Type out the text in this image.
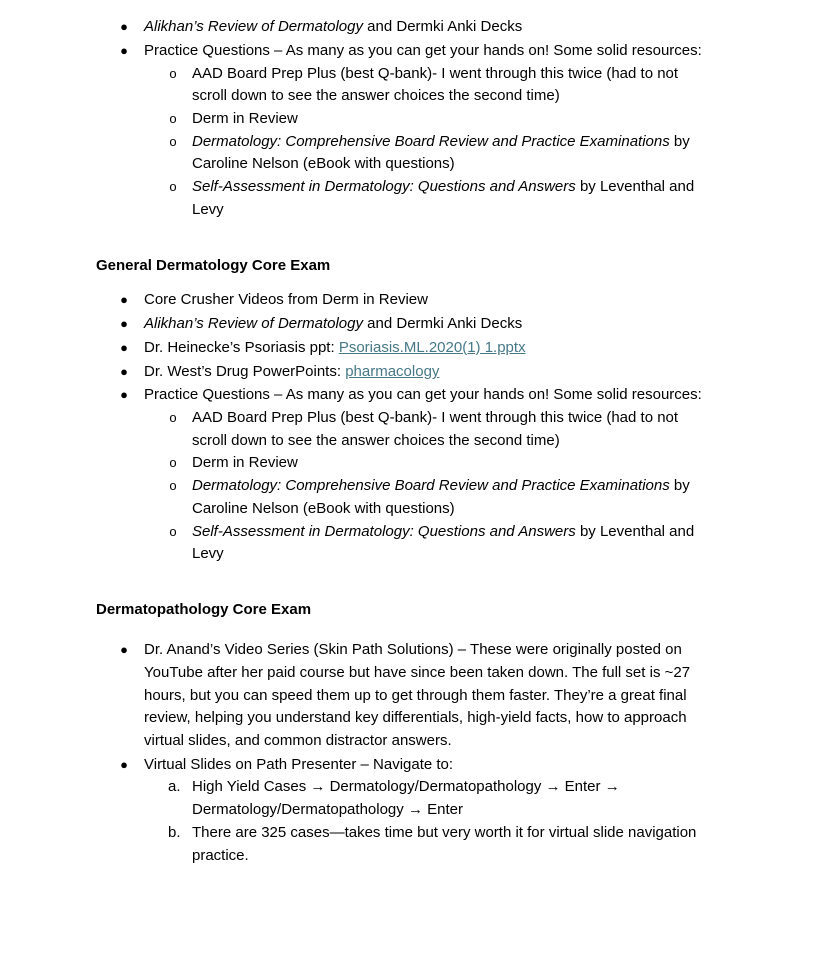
● Alikhan’s Review of Dermatology and Dermki Anki Decks
● Practice Questions – As many as you can get your hands on! Some solid resources:
o AAD Board Prep Plus (best Q-bank)- I went through this twice (had to not
scroll down to see the answer choices the second time)
o Derm in Review
o Dermatology: Comprehensive Board Review and Practice Examinations by
Caroline Nelson (eBook with questions)
o Self-Assessment in Dermatology: Questions and Answers by Leventhal and
Levy
General Dermatology Core Exam
● Core Crusher Videos from Derm in Review
● Alikhan’s Review of Dermatology and Dermki Anki Decks
● Dr. Heinecke’s Psoriasis ppt: Psoriasis.ML.2020(1) 1.pptx
● Dr. West’s Drug PowerPoints: pharmacology
● Practice Questions – As many as you can get your hands on! Some solid resources:
o AAD Board Prep Plus (best Q-bank)- I went through this twice (had to not
scroll down to see the answer choices the second time)
o Derm in Review
o Dermatology: Comprehensive Board Review and Practice Examinations by
Caroline Nelson (eBook with questions)
o Self-Assessment in Dermatology: Questions and Answers by Leventhal and
Levy
Dermatopathology Core Exam
● Dr. Anand’s Video Series (Skin Path Solutions) – These were originally posted on
YouTube after her paid course but have since been taken down. The full set is ~27
hours, but you can speed them up to get through them faster. They’re a great final
review, helping you understand key differentials, high-yield facts, how to approach
virtual slides, and common distractor answers.
● Virtual Slides on Path Presenter – Navigate to:
a. High Yield Cases → Dermatology/Dermatopathology → Enter →
Dermatology/Dermatopathology → Enter
b. There are 325 cases—takes time but very worth it for virtual slide navigation
practice.
